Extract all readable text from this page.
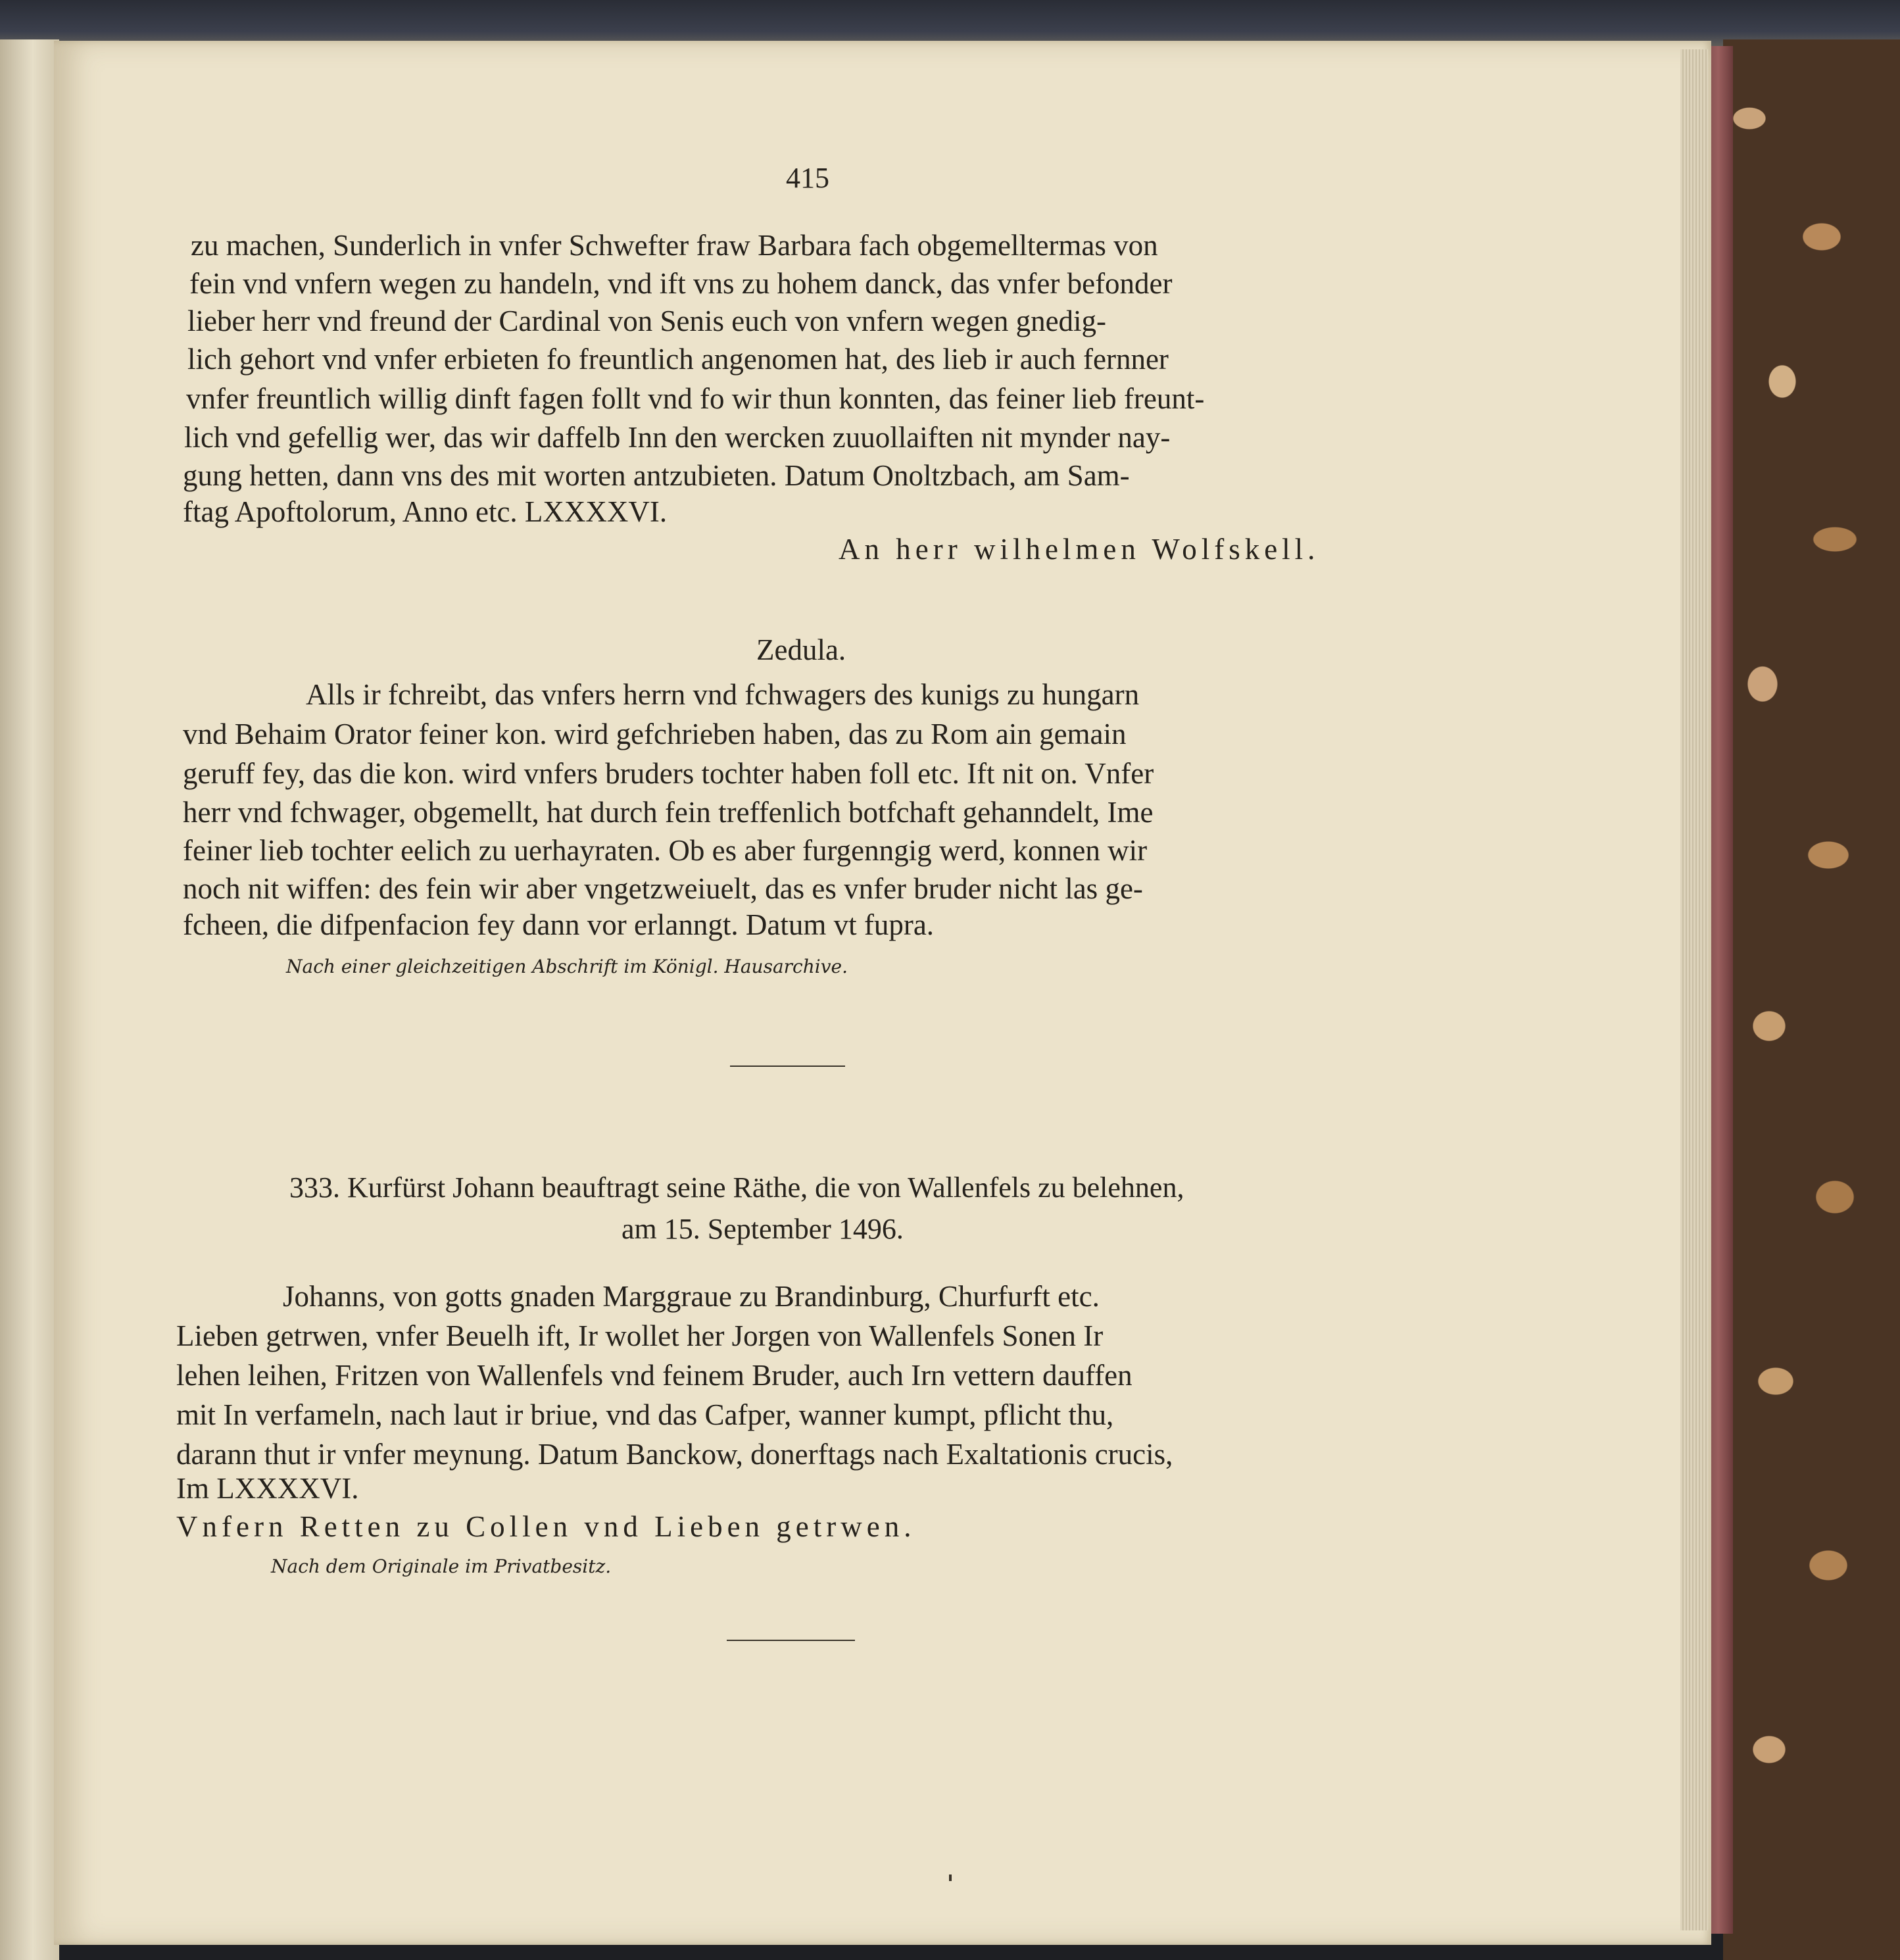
415
zu machen, Sunderlich in vnfer Schwefter fraw Barbara fach obgemelltermas von
fein vnd vnfern wegen zu handeln, vnd ift vns zu hohem danck, das vnfer befonder
lieber herr vnd freund der Cardinal von Senis euch von vnfern wegen gnedig-
lich gehort vnd vnfer erbieten fo freuntlich angenomen hat, des lieb ir auch fernner
vnfer freuntlich willig dinft fagen follt vnd fo wir thun konnten, das feiner lieb freunt-
lich vnd gefellig wer, das wir daffelb Inn den wercken zuuollaiften nit mynder nay-
gung hetten, dann vns des mit worten antzubieten. Datum Onoltzbach, am Sam-
ftag Apoftolorum, Anno etc. LXXXXVI.
An herr wilhelmen Wolfskell.
Zedula.
Alls ir fchreibt, das vnfers herrn vnd fchwagers des kunigs zu hungarn
vnd Behaim Orator feiner kon. wird gefchrieben haben, das zu Rom ain gemain
geruff fey, das die kon. wird vnfers bruders tochter haben foll etc. Ift nit on. Vnfer
herr vnd fchwager, obgemellt, hat durch fein treffenlich botfchaft gehanndelt, Ime
feiner lieb tochter eelich zu uerhayraten. Ob es aber furgenngig werd, konnen wir
noch nit wiffen: des fein wir aber vngetzweiuelt, das es vnfer bruder nicht las ge-
fcheen, die difpenfacion fey dann vor erlanngt. Datum vt fupra.
Nach einer gleichzeitigen Abschrift im Königl. Hausarchive.
333. Kurfürst Johann beauftragt seine Räthe, die von Wallenfels zu belehnen,
am 15. September 1496.
Johanns, von gotts gnaden Marggraue zu Brandinburg, Churfurft etc.
Lieben getrwen, vnfer Beuelh ift, Ir wollet her Jorgen von Wallenfels Sonen Ir
lehen leihen, Fritzen von Wallenfels vnd feinem Bruder, auch Irn vettern dauffen
mit In verfameln, nach laut ir briue, vnd das Cafper, wanner kumpt, pflicht thu,
darann thut ir vnfer meynung. Datum Banckow, donerftags nach Exaltationis crucis,
Im LXXXXVI.
Vnfern Retten zu Collen vnd Lieben getrwen.
Nach dem Originale im Privatbesitz.
